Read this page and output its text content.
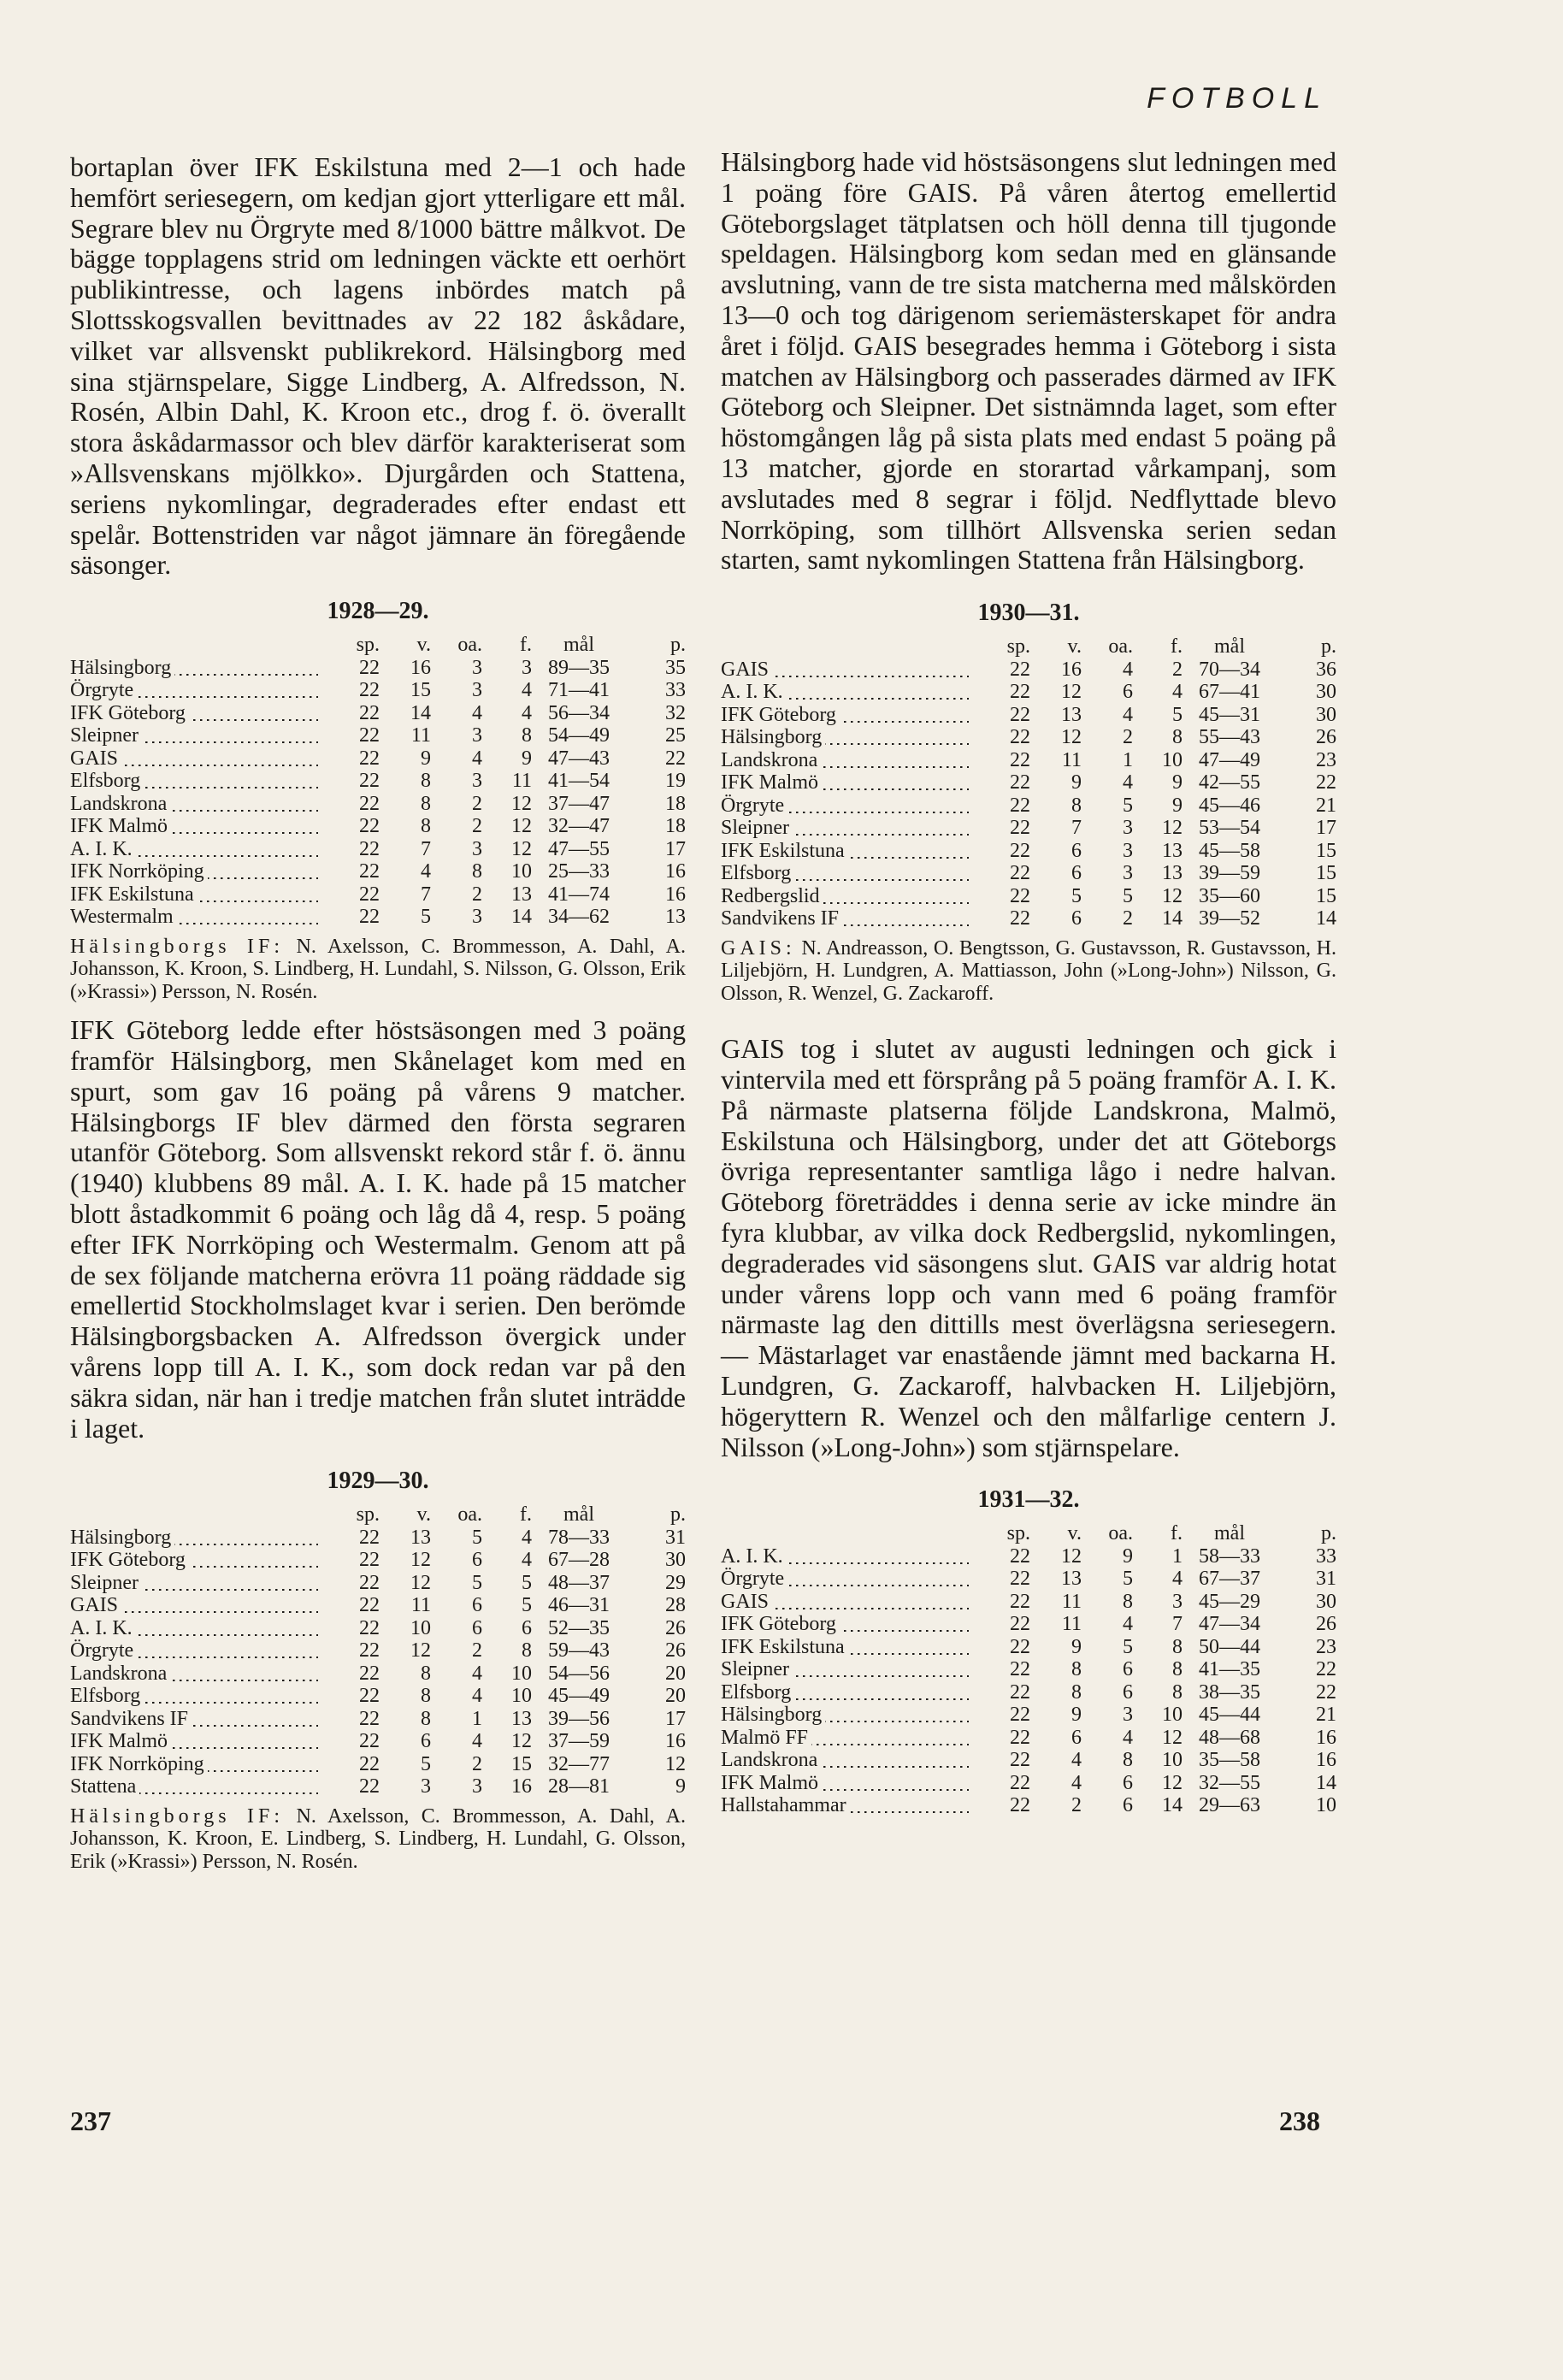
FOTBOLL

bortaplan över IFK Eskilstuna med 2—1 och hade hemfört seriesegern, om kedjan gjort ytterligare ett mål. Segrare blev nu Örgryte med 8/1000 bättre målkvot. De bägge topplagens strid om ledningen väckte ett oerhört publikintresse, och lagens inbördes match på Slottsskogsvallen bevittnades av 22 182 åskådare, vilket var allsvenskt publikrekord. Hälsingborg med sina stjärnspelare, Sigge Lindberg, A. Alfredsson, N. Rosén, Albin Dahl, K. Kroon etc., drog f. ö. överallt stora åskådarmassor och blev därför karakteriserat som »Allsvenskans mjölkko». Djurgården och Stattena, seriens nykomlingar, degraderades efter endast ett spelår. Bottenstriden var något jämnare än föregående säsonger.

1928—29.
	sp.	v.	oa.	f.	mål	p.
Hälsingborg	22	16	3	3	89—35	35
Örgryte	22	15	3	4	71—41	33
IFK Göteborg	22	14	4	4	56—34	32
Sleipner	22	11	3	8	54—49	25
GAIS	22	9	4	9	47—43	22
Elfsborg	22	8	3	11	41—54	19
Landskrona	22	8	2	12	37—47	18
IFK Malmö	22	8	2	12	32—47	18
A. I. K.	22	7	3	12	47—55	17
IFK Norrköping	22	4	8	10	25—33	16
IFK Eskilstuna	22	7	2	13	41—74	16
Westermalm	22	5	3	14	34—62	13
Hälsingborgs IF: N. Axelsson, C. Brommesson, A. Dahl, A. Johansson, K. Kroon, S. Lindberg, H. Lundahl, S. Nilsson, G. Olsson, Erik (»Krassi») Persson, N. Rosén.

IFK Göteborg ledde efter höstsäsongen med 3 poäng framför Hälsingborg, men Skånelaget kom med en spurt, som gav 16 poäng på vårens 9 matcher. Hälsingborgs IF blev därmed den första segraren utanför Göteborg. Som allsvenskt rekord står f. ö. ännu (1940) klubbens 89 mål. A. I. K. hade på 15 matcher blott åstadkommit 6 poäng och låg då 4, resp. 5 poäng efter IFK Norrköping och Westermalm. Genom att på de sex följande matcherna erövra 11 poäng räddade sig emellertid Stockholmslaget kvar i serien. Den berömde Hälsingborgsbacken A. Alfredsson övergick under vårens lopp till A. I. K., som dock redan var på den säkra sidan, när han i tredje matchen från slutet inträdde i laget.

1929—30.
	sp.	v.	oa.	f.	mål	p.
Hälsingborg	22	13	5	4	78—33	31
IFK Göteborg	22	12	6	4	67—28	30
Sleipner	22	12	5	5	48—37	29
GAIS	22	11	6	5	46—31	28
A. I. K.	22	10	6	6	52—35	26
Örgryte	22	12	2	8	59—43	26
Landskrona	22	8	4	10	54—56	20
Elfsborg	22	8	4	10	45—49	20
Sandvikens IF	22	8	1	13	39—56	17
IFK Malmö	22	6	4	12	37—59	16
IFK Norrköping	22	5	2	15	32—77	12
Stattena	22	3	3	16	28—81	9
Hälsingborgs IF: N. Axelsson, C. Brommesson, A. Dahl, A. Johansson, K. Kroon, E. Lindberg, S. Lindberg, H. Lundahl, G. Olsson, Erik (»Krassi») Persson, N. Rosén.

Hälsingborg hade vid höstsäsongens slut ledningen med 1 poäng före GAIS. På våren återtog emellertid Göteborgslaget tätplatsen och höll denna till tjugonde speldagen. Hälsingborg kom sedan med en glänsande avslutning, vann de tre sista matcherna med målskörden 13—0 och tog därigenom seriemästerskapet för andra året i följd. GAIS besegrades hemma i Göteborg i sista matchen av Hälsingborg och passerades därmed av IFK Göteborg och Sleipner. Det sistnämnda laget, som efter höstomgången låg på sista plats med endast 5 poäng på 13 matcher, gjorde en storartad vårkampanj, som avslutades med 8 segrar i följd. Nedflyttade blevo Norrköping, som tillhört Allsvenska serien sedan starten, samt nykomlingen Stattena från Hälsingborg.

1930—31.
	sp.	v.	oa.	f.	mål	p.
GAIS	22	16	4	2	70—34	36
A. I. K.	22	12	6	4	67—41	30
IFK Göteborg	22	13	4	5	45—31	30
Hälsingborg	22	12	2	8	55—43	26
Landskrona	22	11	1	10	47—49	23
IFK Malmö	22	9	4	9	42—55	22
Örgryte	22	8	5	9	45—46	21
Sleipner	22	7	3	12	53—54	17
IFK Eskilstuna	22	6	3	13	45—58	15
Elfsborg	22	6	3	13	39—59	15
Redbergslid	22	5	5	12	35—60	15
Sandvikens IF	22	6	2	14	39—52	14
GAIS: N. Andreasson, O. Bengtsson, G. Gustavsson, R. Gustavsson, H. Liljebjörn, H. Lundgren, A. Mattiasson, John (»Long-John») Nilsson, G. Olsson, R. Wenzel, G. Zackaroff.

GAIS tog i slutet av augusti ledningen och gick i vintervila med ett försprång på 5 poäng framför A. I. K. På närmaste platserna följde Landskrona, Malmö, Eskilstuna och Hälsingborg, under det att Göteborgs övriga representanter samtliga lågo i nedre halvan. Göteborg företräddes i denna serie av icke mindre än fyra klubbar, av vilka dock Redbergslid, nykomlingen, degraderades vid säsongens slut. GAIS var aldrig hotat under vårens lopp och vann med 6 poäng framför närmaste lag den dittills mest överlägsna seriesegern. — Mästarlaget var enastående jämnt med backarna H. Lundgren, G. Zackaroff, halvbacken H. Liljebjörn, högeryttern R. Wenzel och den målfarlige centern J. Nilsson (»Long-John») som stjärnspelare.

1931—32.
	sp.	v.	oa.	f.	mål	p.
A. I. K.	22	12	9	1	58—33	33
Örgryte	22	13	5	4	67—37	31
GAIS	22	11	8	3	45—29	30
IFK Göteborg	22	11	4	7	47—34	26
IFK Eskilstuna	22	9	5	8	50—44	23
Sleipner	22	8	6	8	41—35	22
Elfsborg	22	8	6	8	38—35	22
Hälsingborg	22	9	3	10	45—44	21
Malmö FF	22	6	4	12	48—68	16
Landskrona	22	4	8	10	35—58	16
IFK Malmö	22	4	6	12	32—55	14
Hallstahammar	22	2	6	14	29—63	10
237	238
